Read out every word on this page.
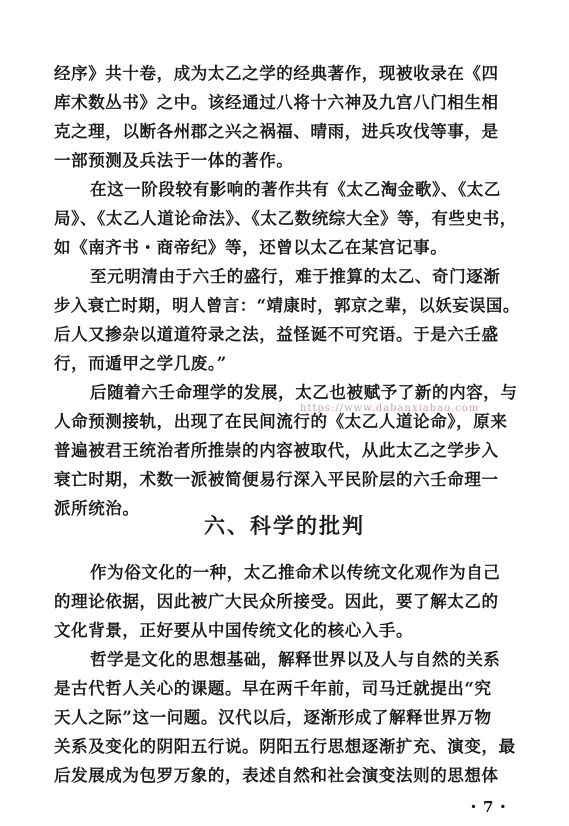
经序》共十卷，成为太乙之学的经典著作，现被收录在《四
库术数丛书》之中。该经通过八将十六神及九宫八门相生相
克之理，以断各州郡之兴之祸福、晴雨，进兵攻伐等事，是
一部预测及兵法于一体的著作。
在这一阶段较有影响的著作共有《太乙淘金歌》、《太乙
局》、《太乙人道论命法》、《太乙数统综大全》等，有些史书，
如《南齐书・商帝纪》等，还曾以太乙在某宫记事。
至元明清由于六壬的盛行，难于推算的太乙、奇门逐渐
步入衰亡时期，明人曾言：“靖康时，郭京之辈，以妖妄误国。
后人又掺杂以道道符录之法，益怪诞不可究语。于是六壬盛
行，而遁甲之学几废。”
后随着六壬命理学的发展，太乙也被赋予了新的内容，与
人命预测接轨，出现了在民间流行的《太乙人道论命》，原来
普遍被君王统治者所推崇的内容被取代，从此太乙之学步入
衰亡时期，术数一派被简便易行深入平民阶层的六壬命理一
派所统治。
https://www.dabanxiabao.com
六、科学的批判
作为俗文化的一种，太乙推命术以传统文化观作为自己
的理论依据，因此被广大民众所接受。因此，要了解太乙的
文化背景，正好要从中国传统文化的核心入手。
哲学是文化的思想基础，解释世界以及人与自然的关系
是古代哲人关心的课题。早在两千年前，司马迁就提出“究
天人之际”这一问题。汉代以后，逐渐形成了解释世界万物
关系及变化的阴阳五行说。阴阳五行思想逐渐扩充、演变，最
后发展成为包罗万象的，表述自然和社会演变法则的思想体
・7・
